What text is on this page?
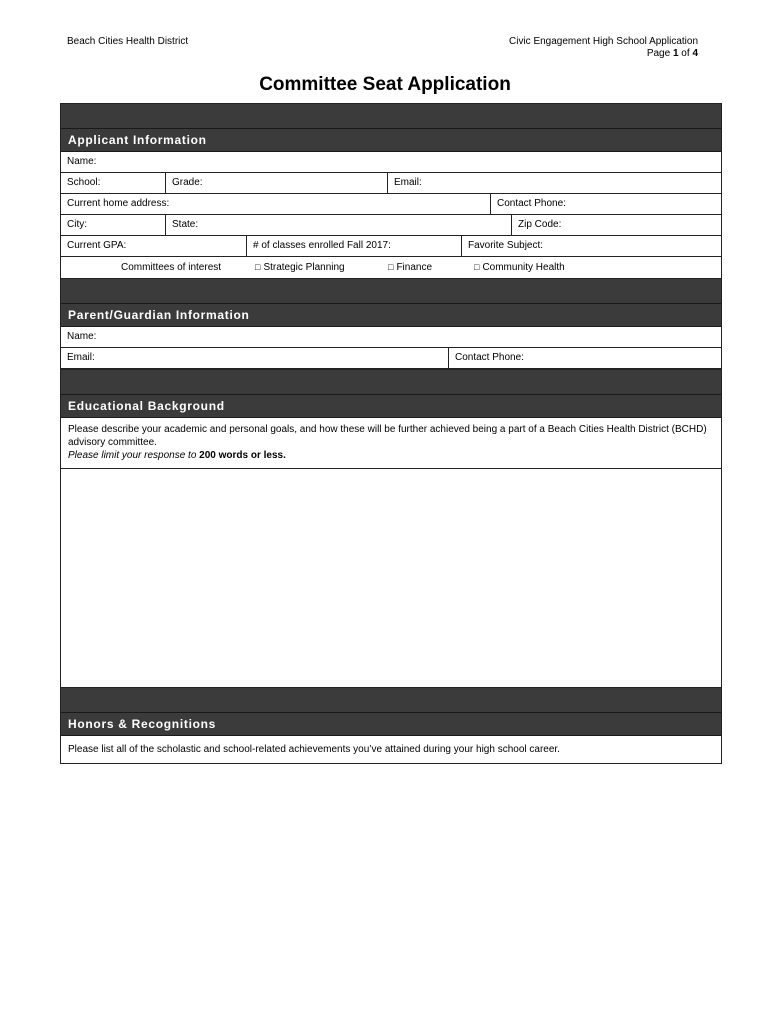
Beach Cities Health District	Civic Engagement High School Application
Page 1 of 4
Committee Seat Application
Applicant Information
Name:
School:	Grade:	Email:
Current home address:	Contact Phone:
City:	State:	Zip Code:
Current GPA:	# of classes enrolled Fall 2017:	Favorite Subject:
Committees of interest	□ Strategic Planning	□ Finance	□ Community Health
Parent/Guardian Information
Name:
Email:	Contact Phone:
Educational Background
Please describe your academic and personal goals, and how these will be further achieved being a part of a Beach Cities Health District (BCHD) advisory committee.
Please limit your response to 200 words or less.
Honors & Recognitions
Please list all of the scholastic and school-related achievements you’ve attained during your high school career.
